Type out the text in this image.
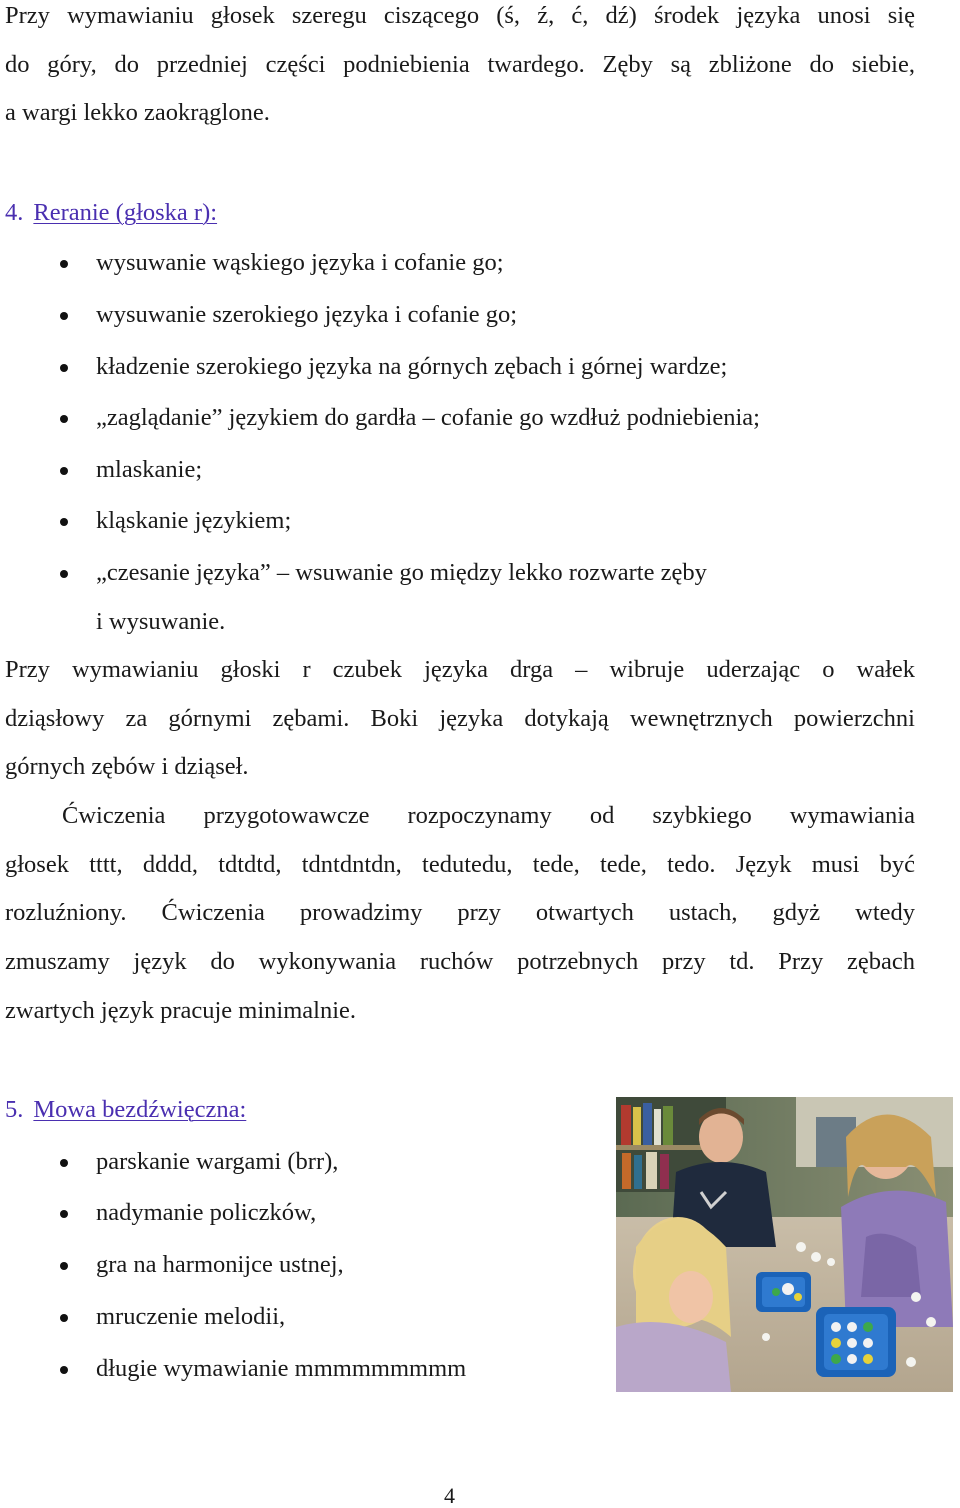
Przy wymawianiu głosek szeregu ciszącego (ś, ź, ć, dź) środek języka unosi się
do góry, do przedniej części podniebienia twardego. Zęby są zbliżone do siebie,
a wargi lekko zaokrąglone.
4. Reranie (głoska r):
wysuwanie wąskiego języka i cofanie go;
wysuwanie szerokiego języka i cofanie go;
kładzenie szerokiego języka na górnych zębach i górnej wardze;
„zaglądanie” językiem do gardła – cofanie go wzdłuż podniebienia;
mlaskanie;
kląskanie językiem;
„czesanie języka” – wsuwanie go między lekko rozwarte zęby
i wysuwanie.
Przy wymawianiu głoski r czubek języka drga – wibruje uderzając o wałek
dziąsłowy za górnymi zębami. Boki języka dotykają wewnętrznych powierzchni
górnych zębów i dziąseł.
Ćwiczenia przygotowawcze rozpoczynamy od szybkiego wymawiania
głosek tttt, dddd, tdtdtd, tdntdntdn, tedutedu, tede, tede, tedo. Język musi być
rozluźniony. Ćwiczenia prowadzimy przy otwartych ustach, gdyż wtedy
zmuszamy język do wykonywania ruchów potrzebnych przy td. Przy zębach
zwartych język pracuje minimalnie.
5. Mowa bezdźwięczna:
parskanie wargami (brr),
nadymanie policzków,
gra na harmonijce ustnej,
mruczenie melodii,
długie wymawianie mmmmmmmmm
4
